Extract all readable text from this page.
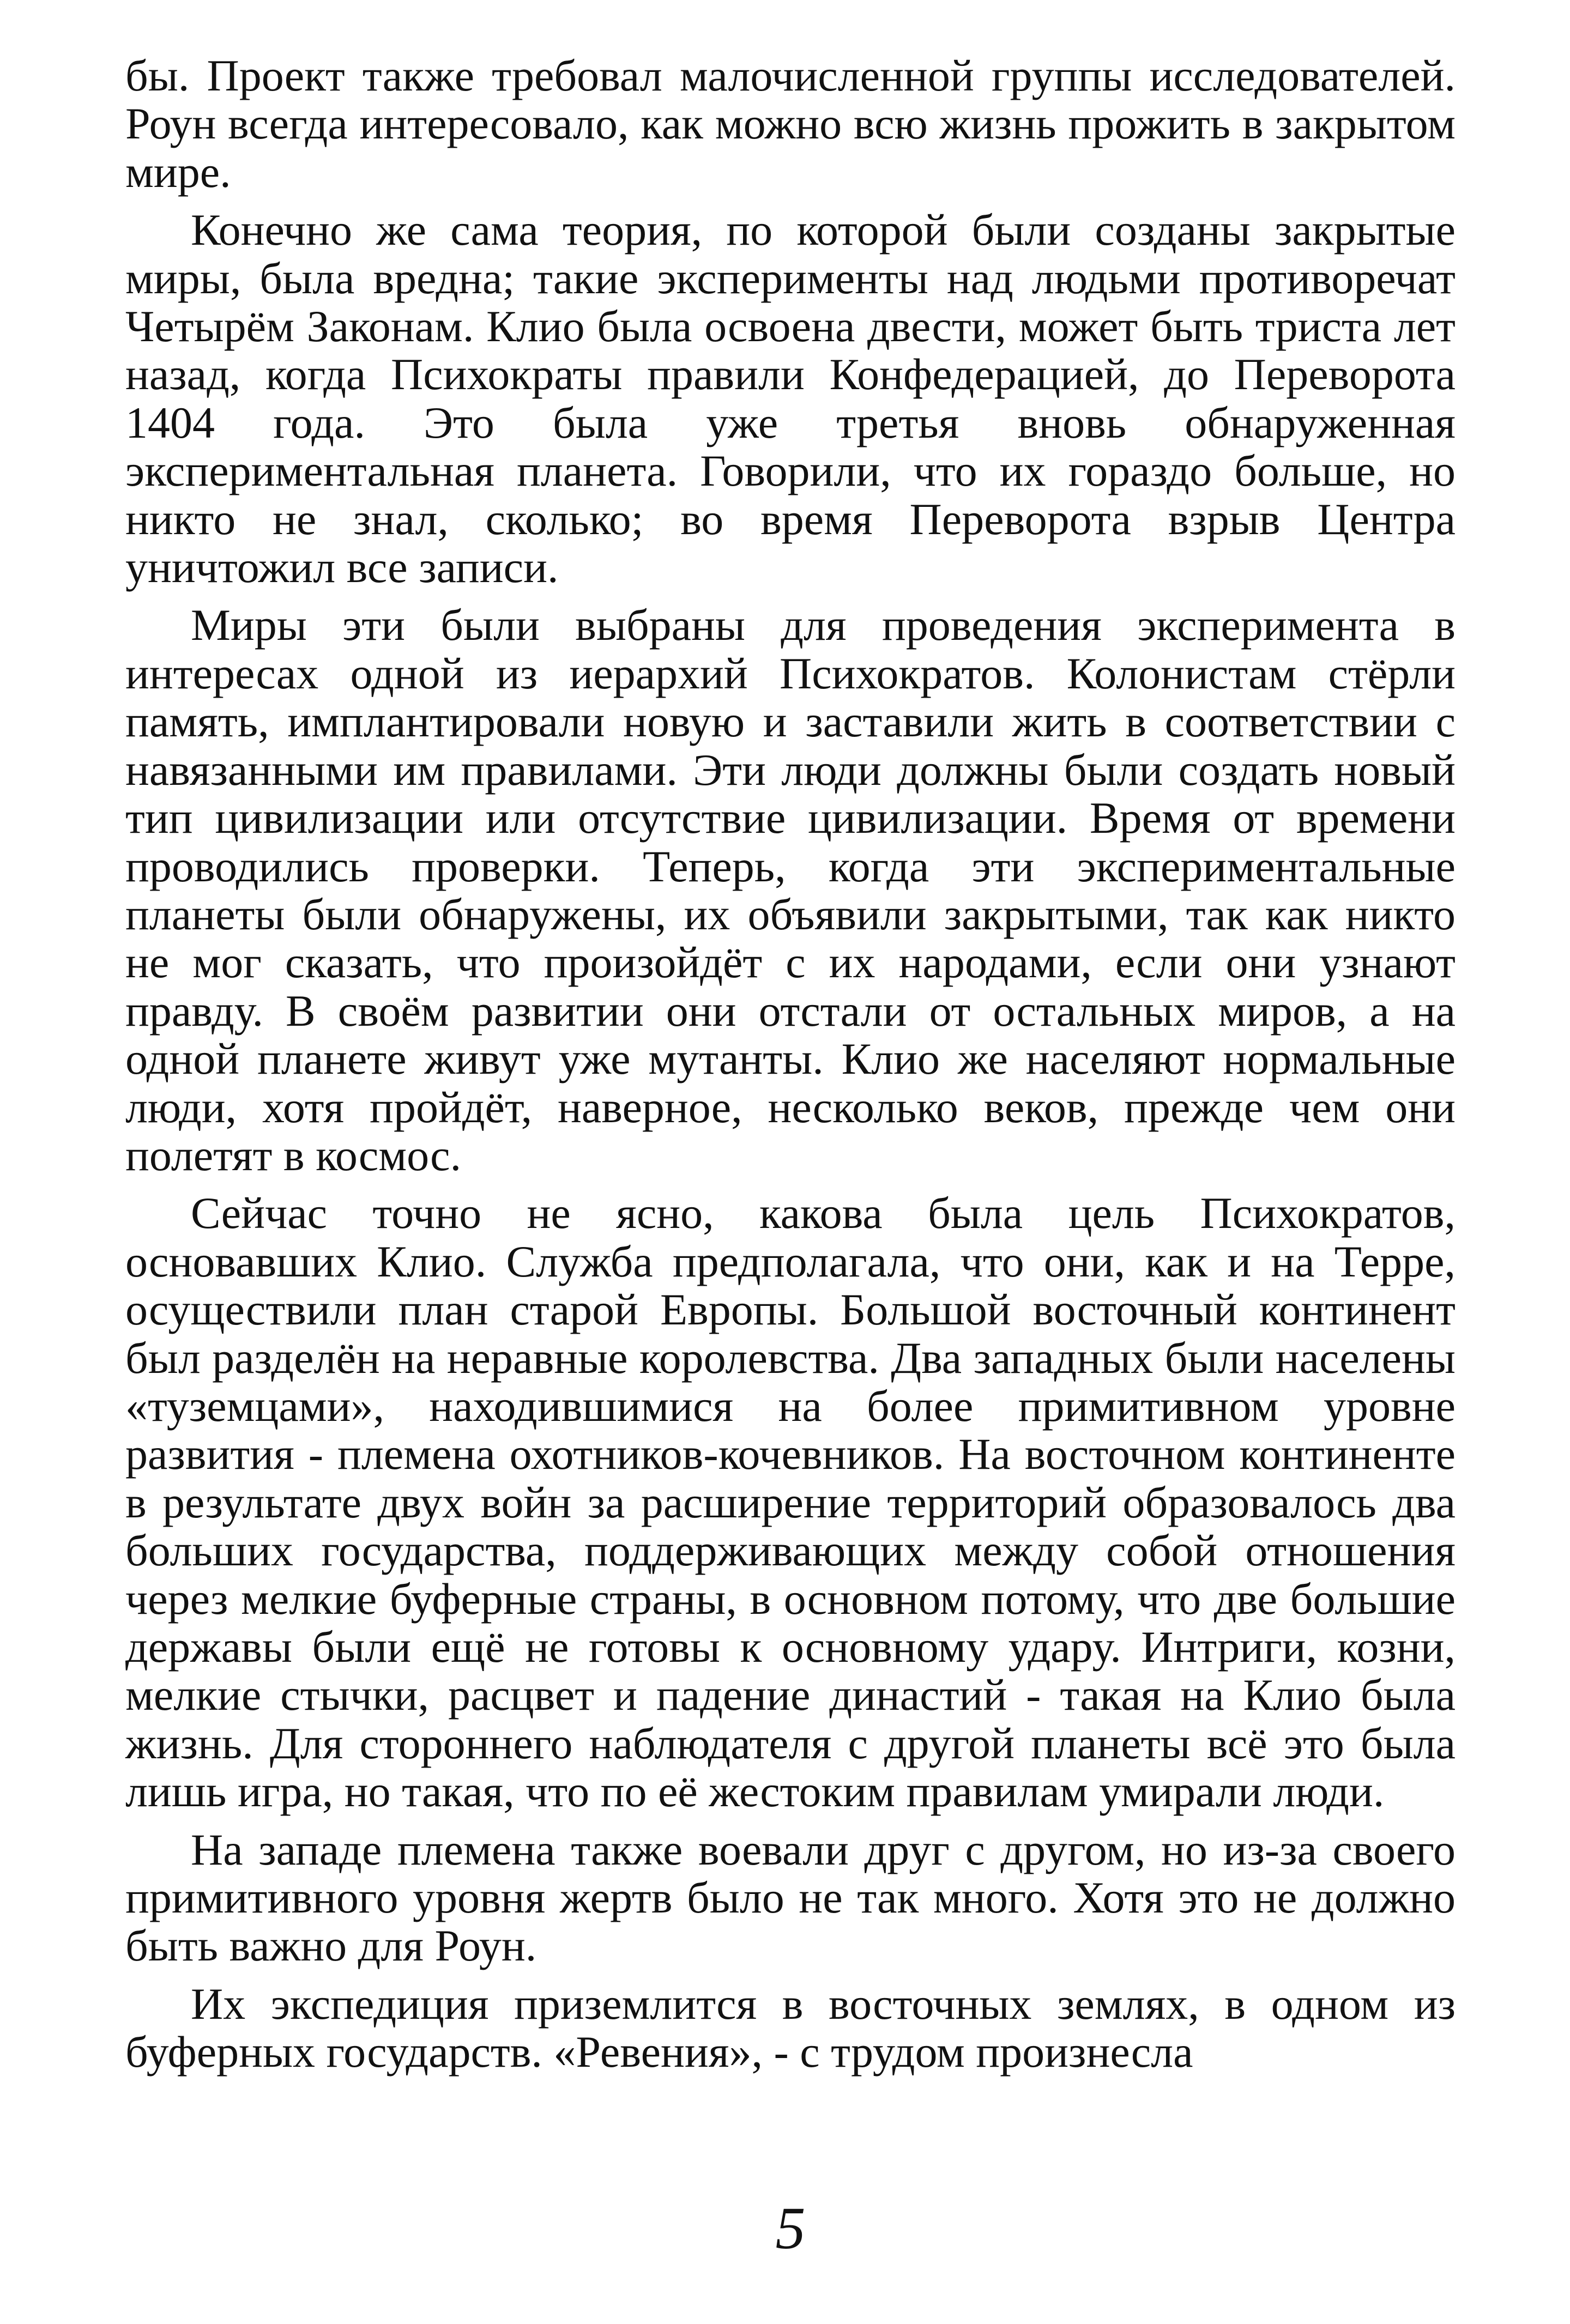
бы. Проект также требовал малочисленной группы исследователей. Роун всегда интересовало, как можно всю жизнь прожить в закрытом мире.

Конечно же сама теория, по которой были созданы закрытые миры, была вредна; такие эксперименты над людьми противоречат Четырём Законам. Клио была освоена двести, может быть триста лет назад, когда Психократы правили Конфедерацией, до Переворота 1404 года. Это была уже третья вновь обнаруженная экспериментальная планета. Говорили, что их гораздо больше, но никто не знал, сколько; во время Переворота взрыв Центра уничтожил все записи.

Миры эти были выбраны для проведения эксперимента в интересах одной из иерархий Психократов. Колонистам стёрли память, имплантировали новую и заставили жить в соответствии с навязанными им правилами. Эти люди должны были создать новый тип цивилизации или отсутствие цивилизации. Время от времени проводились проверки. Теперь, когда эти экспериментальные планеты были обнаружены, их объявили закрытыми, так как никто не мог сказать, что произойдёт с их народами, если они узнают правду. В своём развитии они отстали от остальных миров, а на одной планете живут уже мутанты. Клио же населяют нормальные люди, хотя пройдёт, наверное, несколько веков, прежде чем они полетят в космос.

Сейчас точно не ясно, какова была цель Психократов, основавших Клио. Служба предполагала, что они, как и на Терре, осуществили план старой Европы. Большой восточный континент был разделён на неравные королевства. Два западных были населены «туземцами», находившимися на более примитивном уровне развития - племена охотников-кочевников. На восточном континенте в результате двух войн за расширение территорий образовалось два больших государства, поддерживающих между собой отношения через мелкие буферные страны, в основном потому, что две большие державы были ещё не готовы к основному удару. Интриги, козни, мелкие стычки, расцвет и падение династий - такая на Клио была жизнь. Для стороннего наблюдателя с другой планеты всё это была лишь игра, но такая, что по её жестоким правилам умирали люди.

На западе племена также воевали друг с другом, но из-за своего примитивного уровня жертв было не так много. Хотя это не должно быть важно для Роун.

Их экспедиция приземлится в восточных землях, в одном из буферных государств. «Ревения», - с трудом произнесла

5
